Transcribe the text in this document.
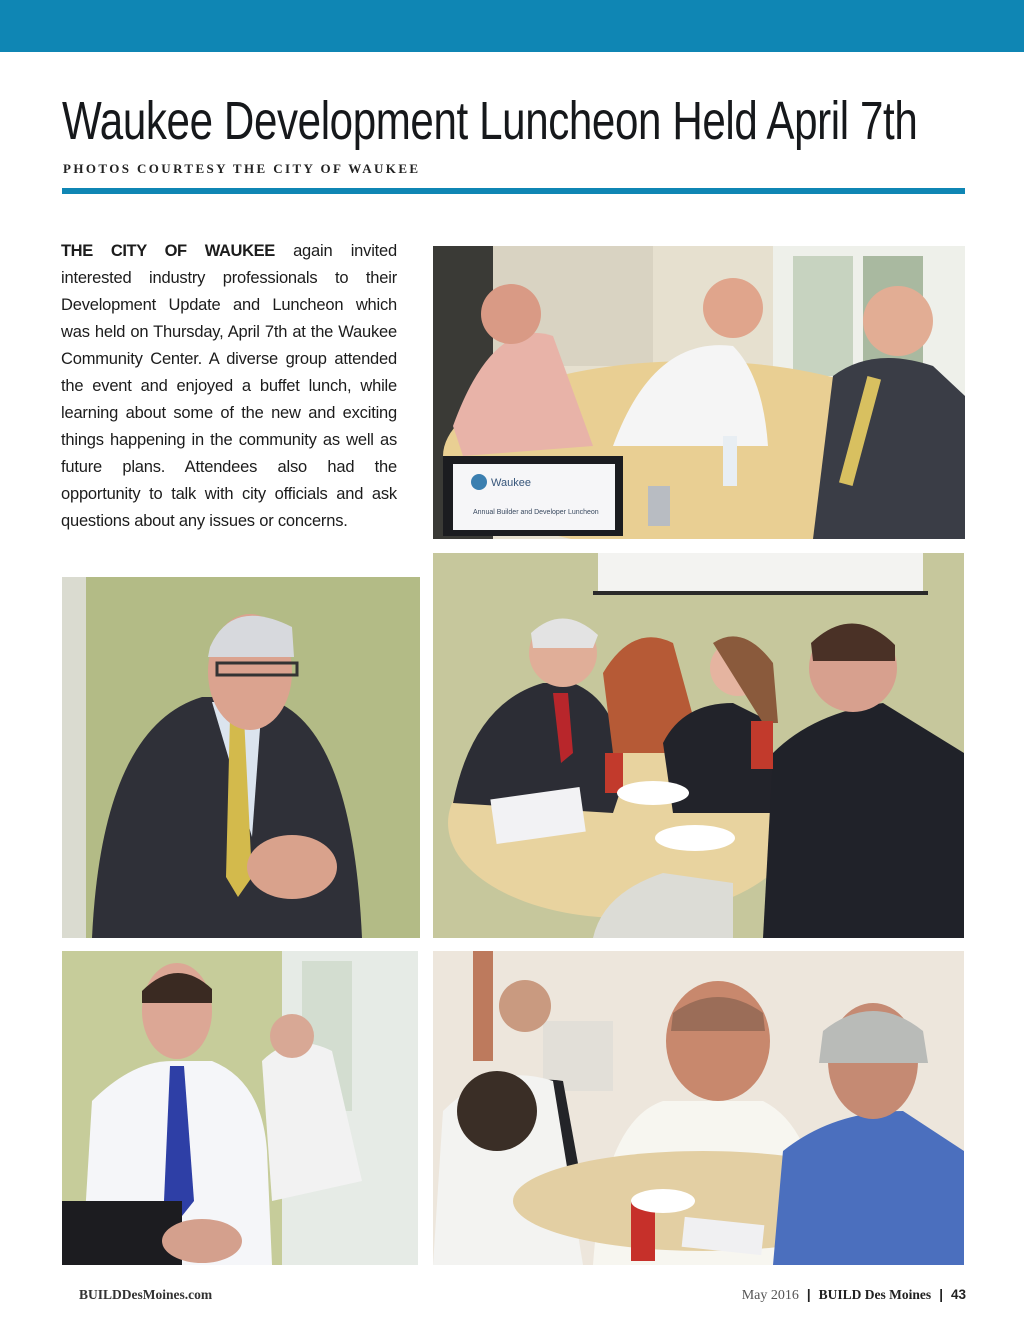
Waukee Development Luncheon Held April 7th
PHOTOS COURTESY THE CITY OF WAUKEE
THE CITY OF WAUKEE again invited interested industry professionals to their Development Update and Luncheon which was held on Thursday, April 7th at the Waukee Community Center. A diverse group attended the event and enjoyed a buffet lunch, while learning about some of the new and exciting things happening in the community as well as future plans. Attendees also had the opportunity to talk with city officials and ask questions about any issues or concerns.
Waukee
Annual Builder and Developer Luncheon
BUILDDesMoines.com	May 2016 | BUILD Des Moines | 43
